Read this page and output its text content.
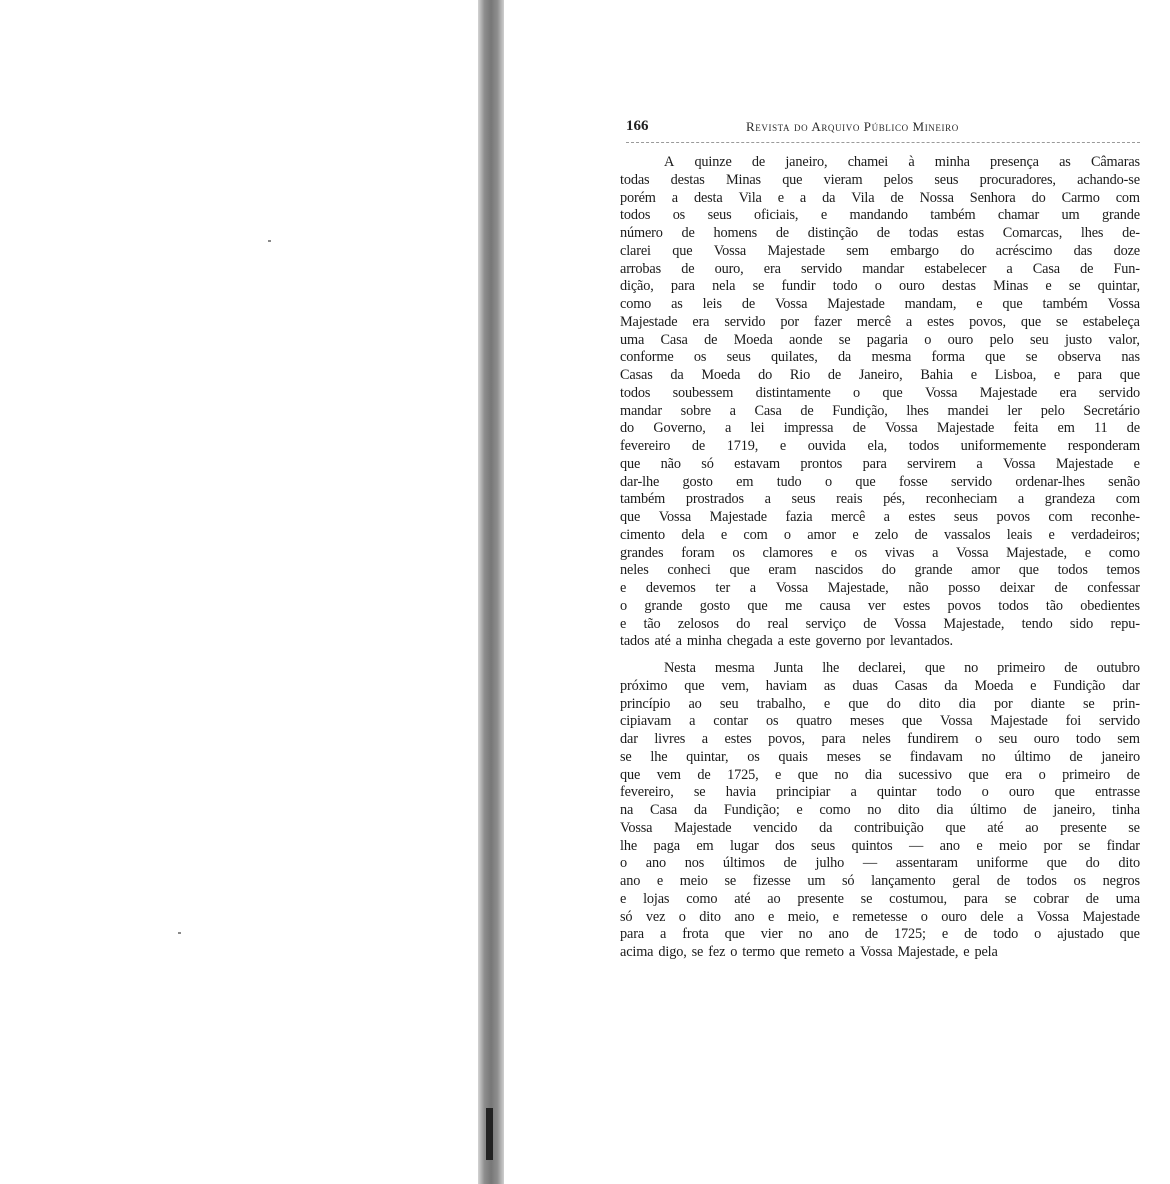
166	Revista do Arquivo Público Mineiro
A quinze de janeiro, chamei à minha presença as Câmaras
todas destas Minas que vieram pelos seus procuradores, achando-se
porém a desta Vila e a da Vila de Nossa Senhora do Carmo com
todos os seus oficiais, e mandando também chamar um grande
número de homens de distinção de todas estas Comarcas, lhes de-
clarei que Vossa Majestade sem embargo do acréscimo das doze
arrobas de ouro, era servido mandar estabelecer a Casa de Fun-
dição, para nela se fundir todo o ouro destas Minas e se quintar,
como as leis de Vossa Majestade mandam, e que também Vossa
Majestade era servido por fazer mercê a estes povos, que se estabeleça
uma Casa de Moeda aonde se pagaria o ouro pelo seu justo valor,
conforme os seus quilates, da mesma forma que se observa nas
Casas da Moeda do Rio de Janeiro, Bahia e Lisboa, e para que
todos soubessem distintamente o que Vossa Majestade era servido
mandar sobre a Casa de Fundição, lhes mandei ler pelo Secretário
do Governo, a lei impressa de Vossa Majestade feita em 11 de
fevereiro de 1719, e ouvida ela, todos uniformemente responderam
que não só estavam prontos para servirem a Vossa Majestade e
dar-lhe gosto em tudo o que fosse servido ordenar-lhes senão
também prostrados a seus reais pés, reconheciam a grandeza com
que Vossa Majestade fazia mercê a estes seus povos com reconhe-
cimento dela e com o amor e zelo de vassalos leais e verdadeiros;
grandes foram os clamores e os vivas a Vossa Majestade, e como
neles conheci que eram nascidos do grande amor que todos temos
e devemos ter a Vossa Majestade, não posso deixar de confessar
o grande gosto que me causa ver estes povos todos tão obedientes
e tão zelosos do real serviço de Vossa Majestade, tendo sido repu-
tados até a minha chegada a este governo por levantados.
Nesta mesma Junta lhe declarei, que no primeiro de outubro
próximo que vem, haviam as duas Casas da Moeda e Fundição dar
princípio ao seu trabalho, e que do dito dia por diante se prin-
cipiavam a contar os quatro meses que Vossa Majestade foi servido
dar livres a estes povos, para neles fundirem o seu ouro todo sem
se lhe quintar, os quais meses se findavam no último de janeiro
que vem de 1725, e que no dia sucessivo que era o primeiro de
fevereiro, se havia principiar a quintar todo o ouro que entrasse
na Casa da Fundição; e como no dito dia último de janeiro, tinha
Vossa Majestade vencido da contribuição que até ao presente se
lhe paga em lugar dos seus quintos — ano e meio por se findar
o ano nos últimos de julho — assentaram uniforme que do dito
ano e meio se fizesse um só lançamento geral de todos os negros
e lojas como até ao presente se costumou, para se cobrar de uma
só vez o dito ano e meio, e remetesse o ouro dele a Vossa Majestade
para a frota que vier no ano de 1725; e de todo o ajustado que
acima digo, se fez o termo que remeto a Vossa Majestade, e pela
